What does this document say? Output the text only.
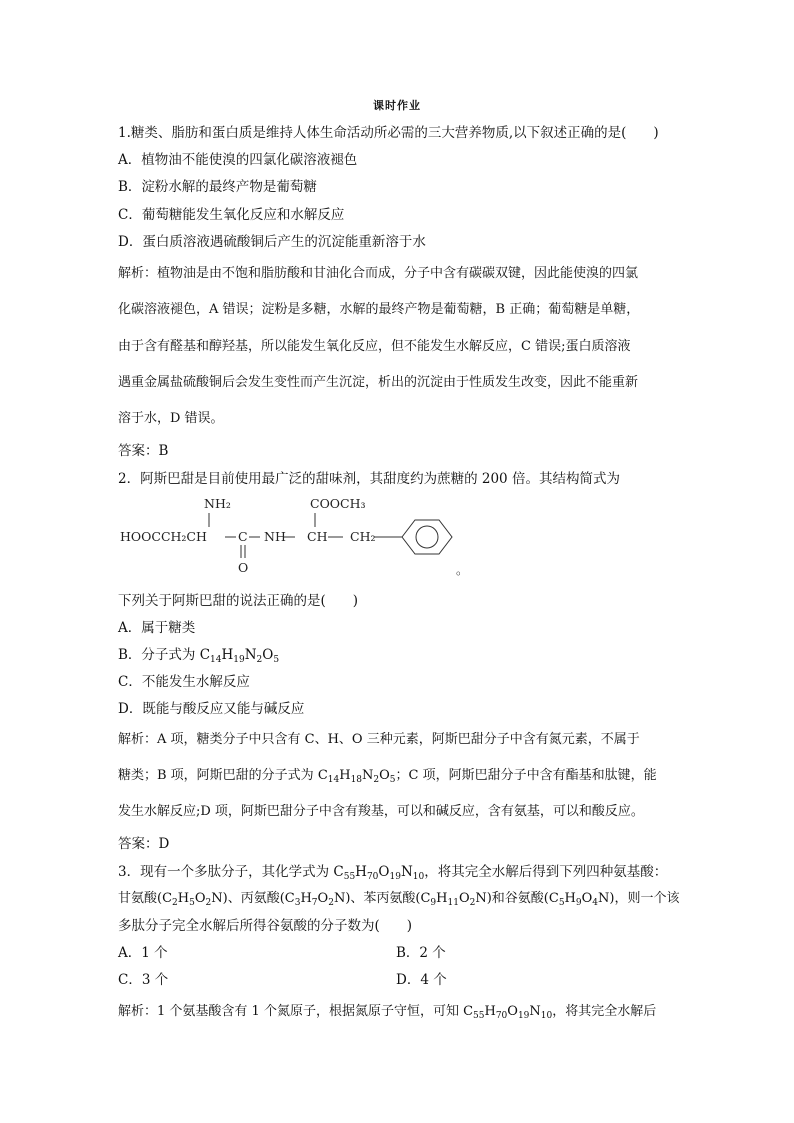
课时作业
1.糖类、脂肪和蛋白质是维持人体生命活动所必需的三大营养物质,以下叙述正确的是(　　)
A．植物油不能使溴的四氯化碳溶液褪色
B．淀粉水解的最终产物是葡萄糖
C．葡萄糖能发生氧化反应和水解反应
D．蛋白质溶液遇硫酸铜后产生的沉淀能重新溶于水
解析：植物油是由不饱和脂肪酸和甘油化合而成，分子中含有碳碳双键，因此能使溴的四氯
化碳溶液褪色，A 错误；淀粉是多糖，水解的最终产物是葡萄糖，B 正确；葡萄糖是单糖，
由于含有醛基和醇羟基，所以能发生氧化反应，但不能发生水解反应，C 错误;蛋白质溶液
遇重金属盐硫酸铜后会发生变性而产生沉淀，析出的沉淀由于性质发生改变，因此不能重新
溶于水，D 错误。
答案：B
2．阿斯巴甜是目前使用最广泛的甜味剂，其甜度约为蔗糖的 200 倍。其结构简式为
NH₂	COOCH₃
HOOCCH₂CH C NH CH CH₂
O	。
下列关于阿斯巴甜的说法正确的是(　　)
A．属于糖类
B．分子式为 $C_{14}H_{19}N_2O_5$
C．不能发生水解反应
D．既能与酸反应又能与碱反应
解析：A 项，糖类分子中只含有 C、H、O 三种元素，阿斯巴甜分子中含有氮元素，不属于
糖类；B 项，阿斯巴甜的分子式为 $C_{14}H_{18}N_2O_5$；C 项，阿斯巴甜分子中含有酯基和肽键，能
发生水解反应;D 项，阿斯巴甜分子中含有羧基，可以和碱反应，含有氨基，可以和酸反应。
答案：D
3．现有一个多肽分子，其化学式为 $C_{55}H_{70}O_{19}N_{10}$，将其完全水解后得到下列四种氨基酸：
甘氨酸$(C_2H_5O_2N)$、丙氨酸$(C_3H_7O_2N)$、苯丙氨酸$(C_9H_{11}O_2N)$和谷氨酸$(C_5H_9O_4N)$，则一个该
多肽分子完全水解后所得谷氨酸的分子数为(　　)
A．1 个	B．2 个
C．3 个	D．4 个
解析：1 个氨基酸含有 1 个氮原子，根据氮原子守恒，可知 $C_{55}H_{70}O_{19}N_{10}$，将其完全水解后
